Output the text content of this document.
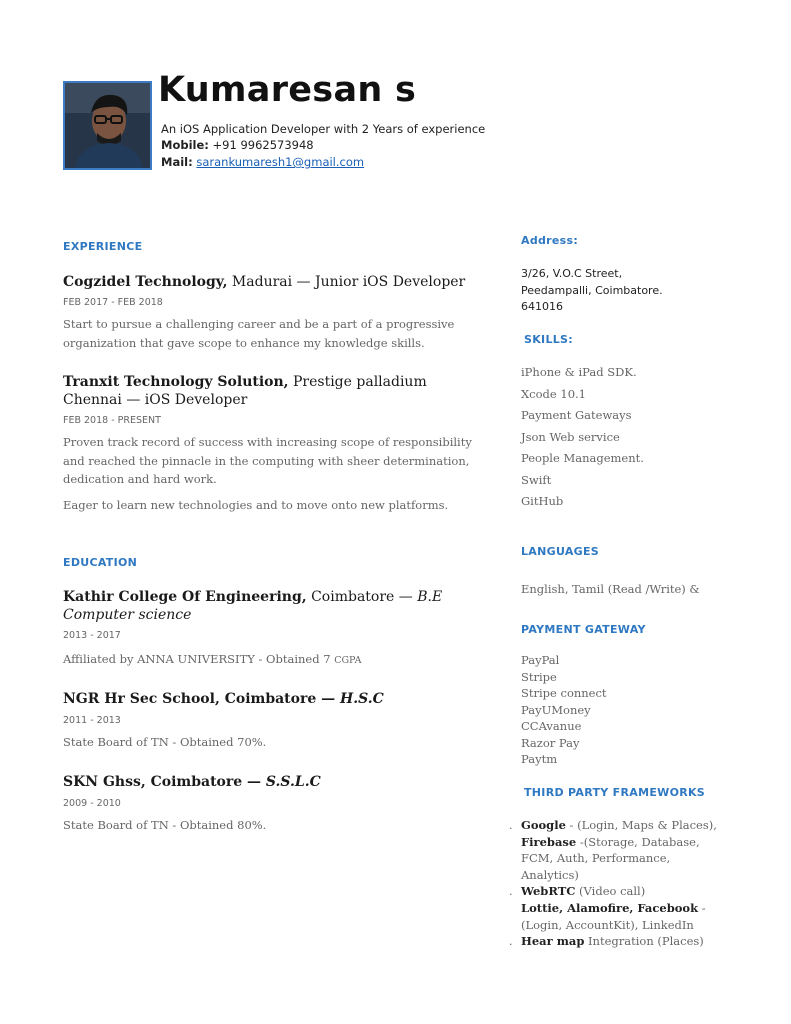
Kumaresan s
An iOS Application Developer with 2 Years of experience
Mobile: +91 9962573948
Mail: sarankumaresh1@gmail.com
EXPERIENCE
Cogzidel Technology, Madurai — Junior iOS Developer
FEB 2017 - FEB 2018
Start to pursue a challenging career and be a part of a progressive organization that gave scope to enhance my knowledge skills.
Tranxit Technology Solution, Prestige palladium Chennai — iOS Developer
FEB 2018 - PRESENT
Proven track record of success with increasing scope of responsibility and reached the pinnacle in the computing with sheer determination, dedication and hard work.
Eager to learn new technologies and to move onto new platforms.
EDUCATION
Kathir College Of Engineering, Coimbatore — B.E Computer science
2013 - 2017
Affiliated by ANNA UNIVERSITY - Obtained 7 CGPA
NGR Hr Sec School, Coimbatore — H.S.C
2011 - 2013
State Board of TN - Obtained 70%.
SKN Ghss, Coimbatore — S.S.L.C
2009 - 2010
State Board of TN - Obtained 80%.
Address:
3/26, V.O.C Street,
Peedampalli, Coimbatore.
641016
SKILLS:
iPhone & iPad SDK.
Xcode 10.1
Payment Gateways
Json Web service
People Management.
Swift
GitHub
LANGUAGES
English, Tamil (Read /Write) &
PAYMENT GATEWAY
PayPal
Stripe
Stripe connect
PayUMoney
CCAvanue
Razor Pay
Paytm
THIRD PARTY FRAMEWORKS
.
.
.
Google - (Login, Maps & Places),
Firebase -(Storage, Database, FCM, Auth, Performance, Analytics)
WebRTC (Video call)
Lottie, Alamofire, Facebook - (Login, AccountKit), LinkedIn
Hear map Integration (Places)
